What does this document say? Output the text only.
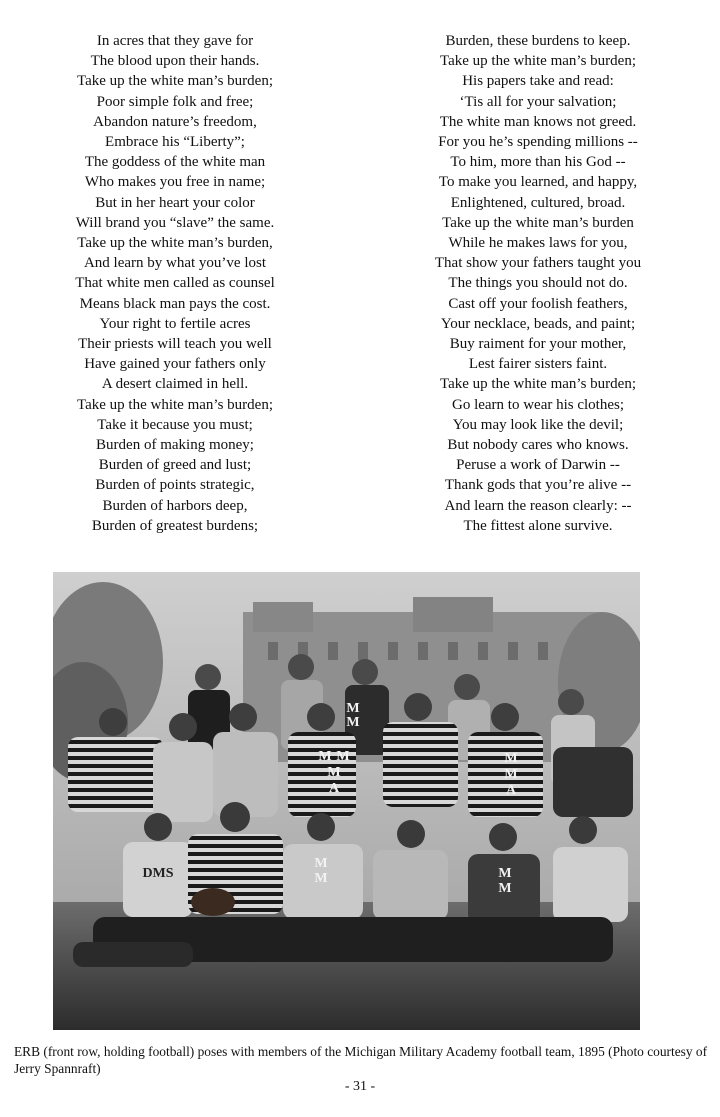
In acres that they gave for
The blood upon their hands.
Take up the white man’s burden;
Poor simple folk and free;
Abandon nature’s freedom,
Embrace his “Liberty”;
The goddess of the white man
Who makes you free in name;
But in her heart your color
Will brand you “slave” the same.
Take up the white man’s burden,
And learn by what you’ve lost
That white men called as counsel
Means black man pays the cost.
Your right to fertile acres
Their priests will teach you well
Have gained your fathers only
A desert claimed in hell.
Take up the white man’s burden;
Take it because you must;
Burden of making money;
Burden of greed and lust;
Burden of points strategic,
Burden of harbors deep,
Burden of greatest burdens;
Burden, these burdens to keep.
Take up the white man’s burden;
His papers take and read:
‘Tis all for your salvation;
The white man knows not greed.
For you he’s spending millions --
To him, more than his God --
To make you learned, and happy,
Enlightened, cultured, broad.
Take up the white man’s burden
While he makes laws for you,
That show your fathers taught you
The things you should not do.
Cast off your foolish feathers,
Your necklace, beads, and paint;
Buy raiment for your mother,
Lest fairer sisters faint.
Take up the white man’s burden;
Go learn to wear his clothes;
You may look like the devil;
But nobody cares who knows.
Peruse a work of Darwin --
Thank gods that you’re alive --
And learn the reason clearly: --
The fittest alone survive.
M
M
M M
M
A
M
M
A
DMS
M
M	M
M
ERB (front row, holding football) poses with members of the Michigan Military Academy football team, 1895 (Photo courtesy of Jerry Spannraft)
- 31 -
